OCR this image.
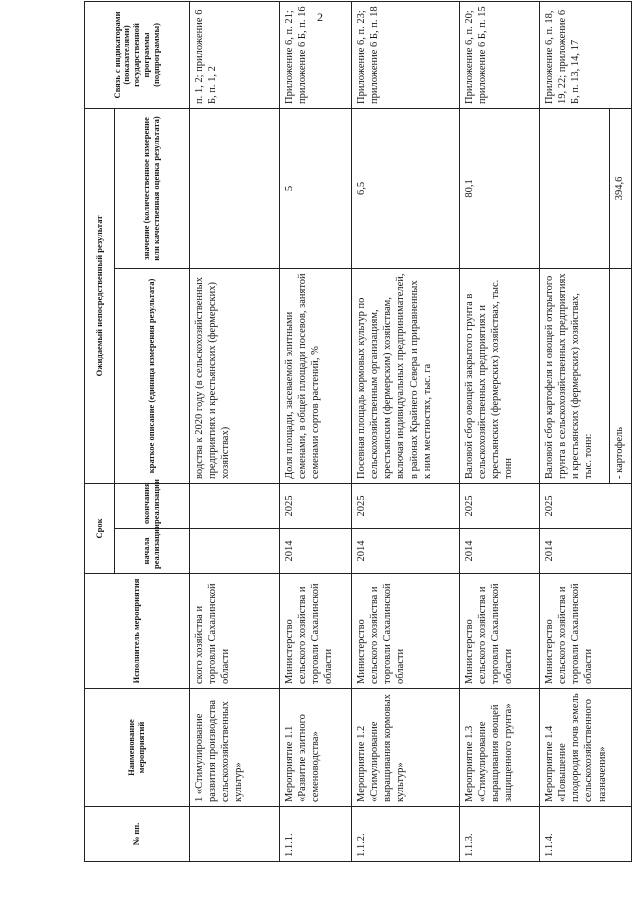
2
№ пп.	Наименование мероприятий	Исполнитель мероприятия	Срок		Ожидаемый непосредственный результат		Связь с индикаторами (показателями) государственной программы (подпрограммы)
			начала реализации	окончания реализации	краткое описание (единица измерения результата)	значение (количественное измерение или качественная оценка результата)	
	1 «Стимулирование развития производства сельскохозяйственных культур»	ского хозяйства и торговли Сахалинской области			водства к 2020 году (в сельскохозяйственных предприятиях и крестьянских (фермерских) хозяйствах)		п. 1, 2; приложение 6 Б, п. 1, 2
1.1.1.	Мероприятие 1.1 «Развитие элитного семеноводства»	Министерство сельского хозяйства и торговли Сахалинской области	2014	2025	Доля площади, засеваемой элитными семенами, в общей площади посевов, занятой семенами сортов растений, %	5	Приложение 6, п. 21; приложение 6 Б, п. 16
1.1.2.	Мероприятие 1.2 «Стимулирование выращивания кормовых культур»	Министерство сельского хозяйства и торговли Сахалинской области	2014	2025	Посевная площадь кормовых культур по сельскохозяйственным организациям, крестьянским (фермерским) хозяйствам, включая индивидуальных предпринимателей, в районах Крайнего Севера и приравненных к ним местностях, тыс. га	6,5	Приложение 6, п. 23; приложение 6 Б, п. 18
1.1.3.	Мероприятие 1.3 «Стимулирование выращивания овощей защищенного грунта»	Министерство сельского хозяйства и торговли Сахалинской области	2014	2025	Валовой сбор овощей закрытого грунта в сельскохозяйственных предприятиях и крестьянских (фермерских) хозяйствах, тыс. тонн	80,1	Приложение 6, п. 20; приложение 6 Б, п. 15
1.1.4.	Мероприятие 1.4 «Повышение плодородия почв земель сельскохозяйственного назначения»	Министерство сельского хозяйства и торговли Сахалинской области	2014	2025	Валовой сбор картофеля и овощей открытого грунта в сельскохозяйственных предприятиях и крестьянских (фермерских) хозяйствах, тыс. тонн:		Приложение 6, п. 18, 19, 22; приложение 6 Б, п. 13, 14, 17
					- картофель	394,6	
